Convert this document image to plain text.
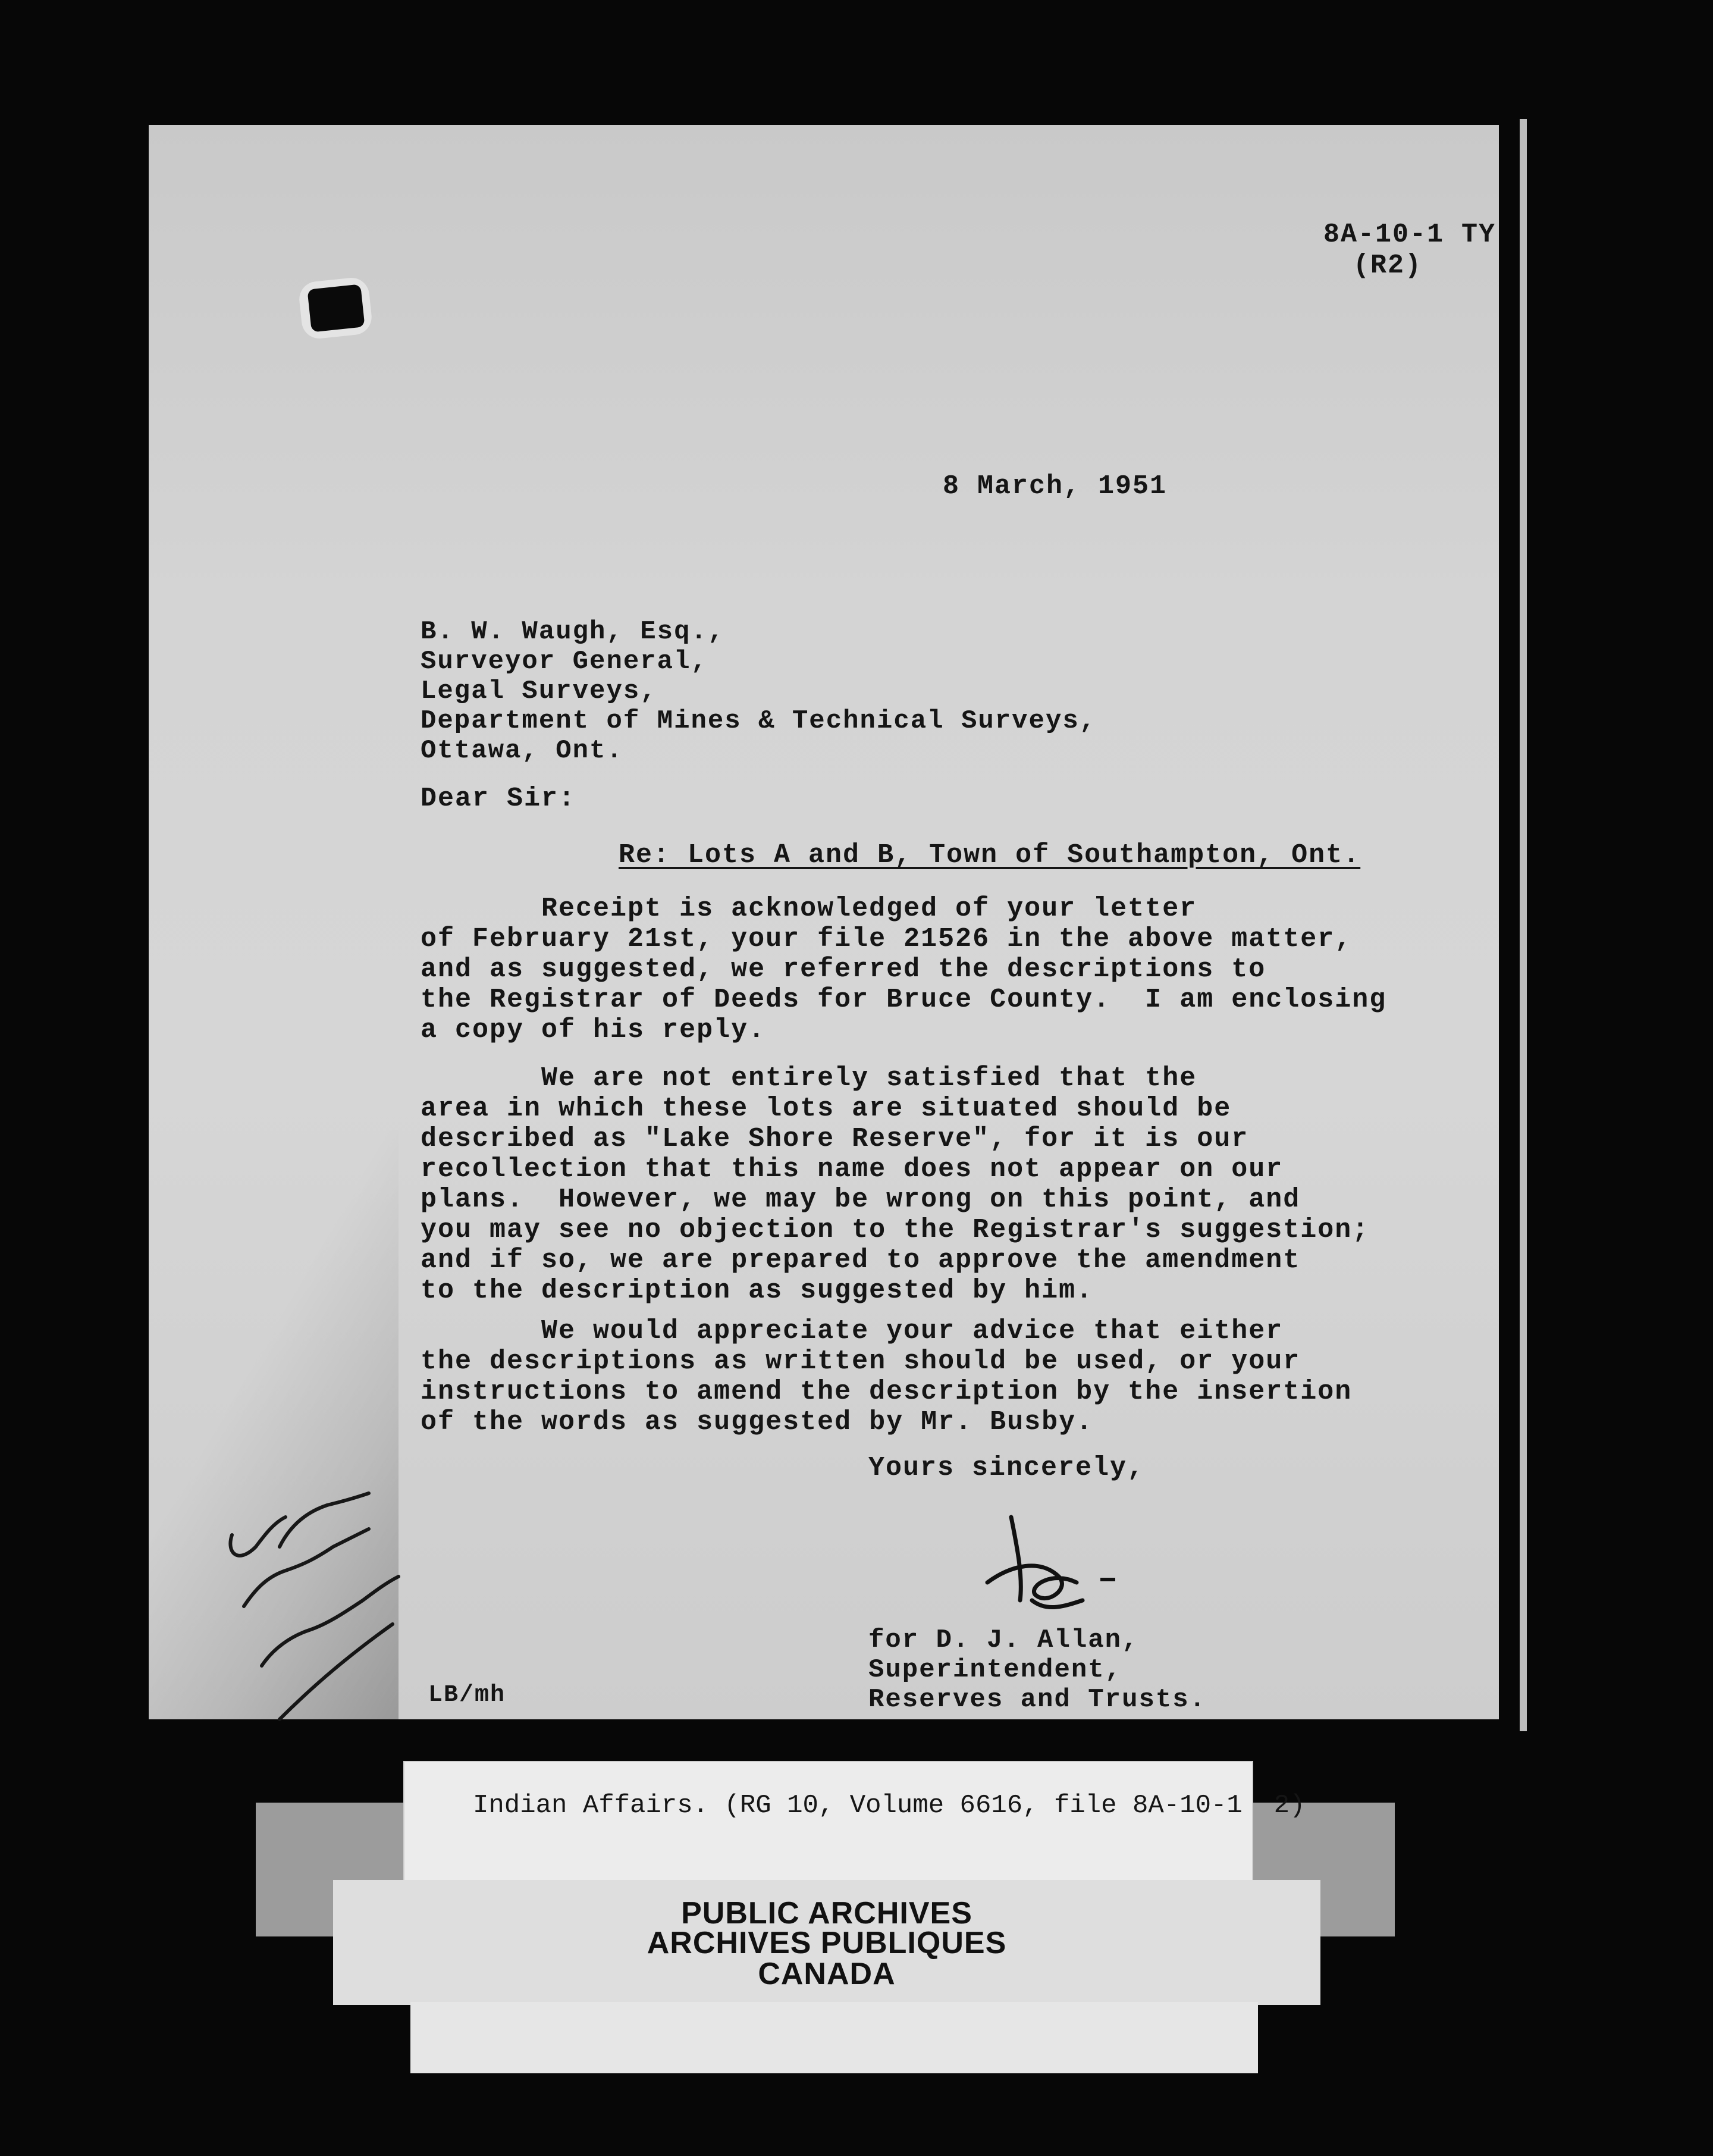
8A-10-1 TY
(R2)
8 March, 1951
B. W. Waugh, Esq.,
Surveyor General,
Legal Surveys,
Department of Mines & Technical Surveys,
Ottawa, Ont.
Dear Sir:
Re: Lots A and B, Town of Southampton, Ont.
Receipt is acknowledged of your letter
of February 21st, your file 21526 in the above matter,
and as suggested, we referred the descriptions to
the Registrar of Deeds for Bruce County.  I am enclosing
a copy of his reply.
We are not entirely satisfied that the
area in which these lots are situated should be
described as "Lake Shore Reserve", for it is our
recollection that this name does not appear on our
plans.  However, we may be wrong on this point, and
you may see no objection to the Registrar's suggestion;
and if so, we are prepared to approve the amendment
to the description as suggested by him.
We would appreciate your advice that either
the descriptions as written should be used, or your
instructions to amend the description by the insertion
of the words as suggested by Mr. Busby.
Yours sincerely,
for D. J. Allan,
Superintendent,
Reserves and Trusts.
LB/mh
Indian Affairs. (RG 10, Volume 6616, file 8A-10-1  2)
PUBLIC ARCHIVES
ARCHIVES PUBLIQUES
CANADA
